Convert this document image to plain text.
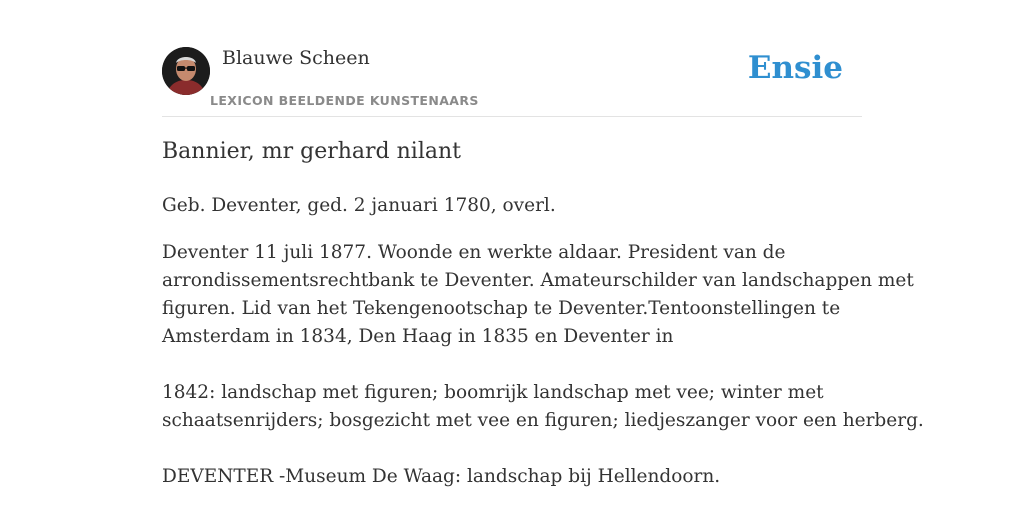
Blauwe Scheen
LEXICON BEELDENDE KUNSTENAARS
Ensie
Bannier, mr gerhard nilant

Geb. Deventer, ged. 2 januari 1780, overl.

Deventer 11 juli 1877. Woonde en werkte aldaar. President van de

arrondissementsrechtbank te Deventer. Amateurschilder van landschappen met

figuren. Lid van het Tekengenootschap te Deventer.Tentoonstellingen te

Amsterdam in 1834, Den Haag in 1835 en Deventer in

1842: landschap met figuren; boomrijk landschap met vee; winter met

schaatsenrijders; bosgezicht met vee en figuren; liedjeszanger voor een herberg.

DEVENTER -Museum De Waag: landschap bij Hellendoorn.
